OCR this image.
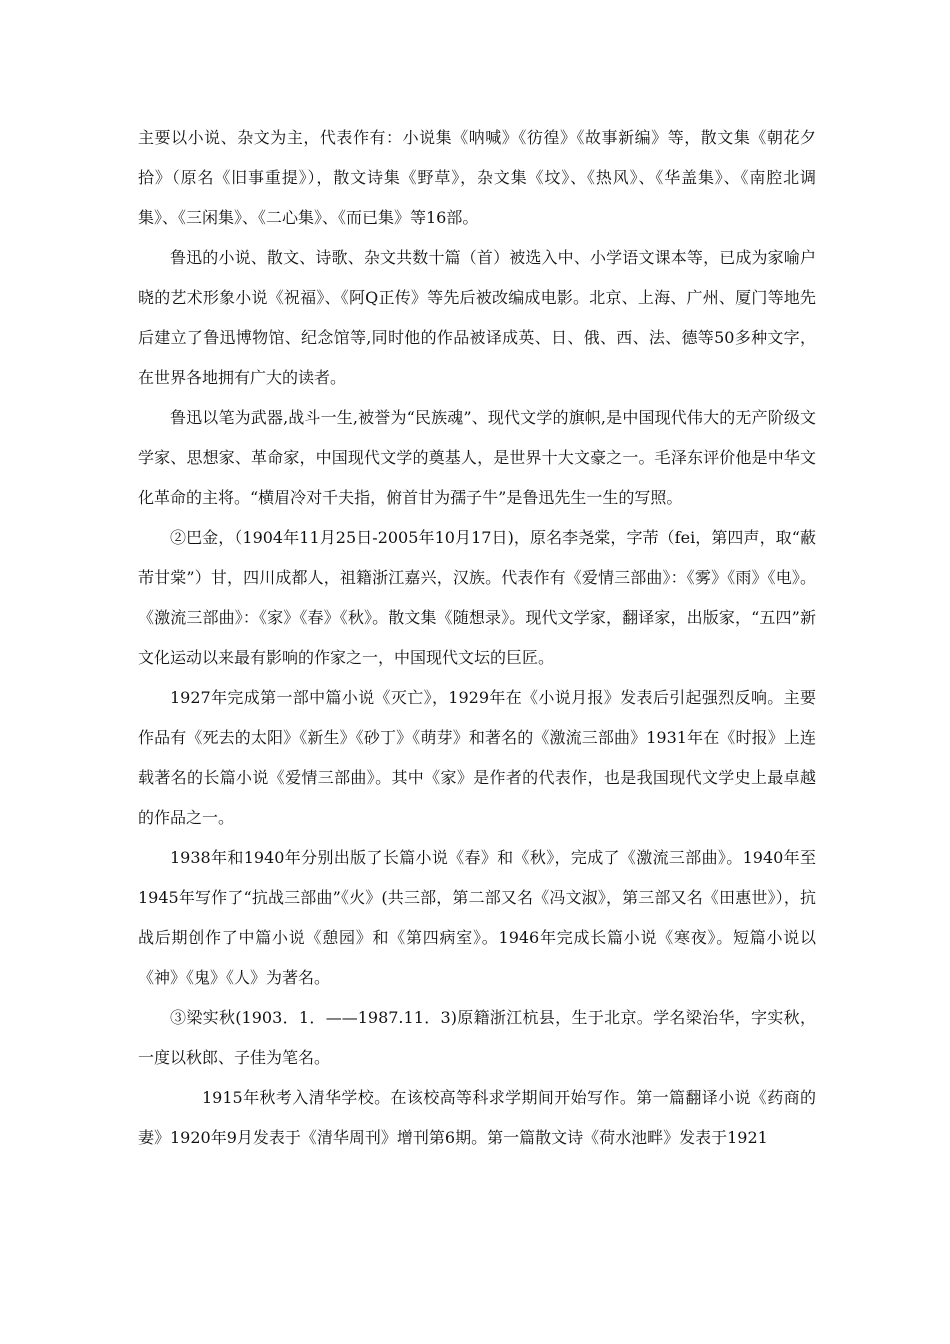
主要以小说、杂文为主，代表作有：小说集《呐喊》《彷徨》《故事新编》等，散文集《朝花夕拾》（原名《旧事重提》），散文诗集《野草》，杂文集《坟》、《热风》、《华盖集》、《南腔北调集》、《三闲集》、《二心集》、《而已集》等16部。

鲁迅的小说、散文、诗歌、杂文共数十篇（首）被选入中、小学语文课本等，已成为家喻户晓的艺术形象小说《祝福》、《阿Q正传》等先后被改编成电影。北京、上海、广州、厦门等地先后建立了鲁迅博物馆、纪念馆等,同时他的作品被译成英、日、俄、西、法、德等50多种文字，在世界各地拥有广大的读者。

鲁迅以笔为武器,战斗一生,被誉为“民族魂”、现代文学的旗帜,是中国现代伟大的无产阶级文学家、思想家、革命家，中国现代文学的奠基人，是世界十大文豪之一。毛泽东评价他是中华文化革命的主将。“横眉冷对千夫指，俯首甘为孺子牛”是鲁迅先生一生的写照。

②巴金，（1904年11月25日-2005年10月17日)，原名李尧棠，字芾（fei，第四声，取“蔽芾甘棠”）甘，四川成都人，祖籍浙江嘉兴，汉族。代表作有《爱情三部曲》：《雾》《雨》《电》。《激流三部曲》：《家》《春》《秋》。散文集《随想录》。现代文学家，翻译家，出版家，“五四”新文化运动以来最有影响的作家之一，中国现代文坛的巨匠。

1927年完成第一部中篇小说《灭亡》，1929年在《小说月报》发表后引起强烈反响。主要作品有《死去的太阳》《新生》《砂丁》《萌芽》和著名的《激流三部曲》1931年在《时报》上连载著名的长篇小说《爱情三部曲》。其中《家》是作者的代表作，也是我国现代文学史上最卓越的作品之一。

1938年和1940年分别出版了长篇小说《春》和《秋》，完成了《激流三部曲》。1940年至1945年写作了“抗战三部曲”《火》(共三部，第二部又名《冯文淑》，第三部又名《田惠世》），抗战后期创作了中篇小说《憩园》和《第四病室》。1946年完成长篇小说《寒夜》。短篇小说以《神》《鬼》《人》为著名。

③梁实秋(1903．1．——1987.11．3)原籍浙江杭县，生于北京。学名梁治华，字实秋，一度以秋郎、子佳为笔名。

1915年秋考入清华学校。在该校高等科求学期间开始写作。第一篇翻译小说《药商的妻》1920年9月发表于《清华周刊》增刊第6期。第一篇散文诗《荷水池畔》发表于1921
